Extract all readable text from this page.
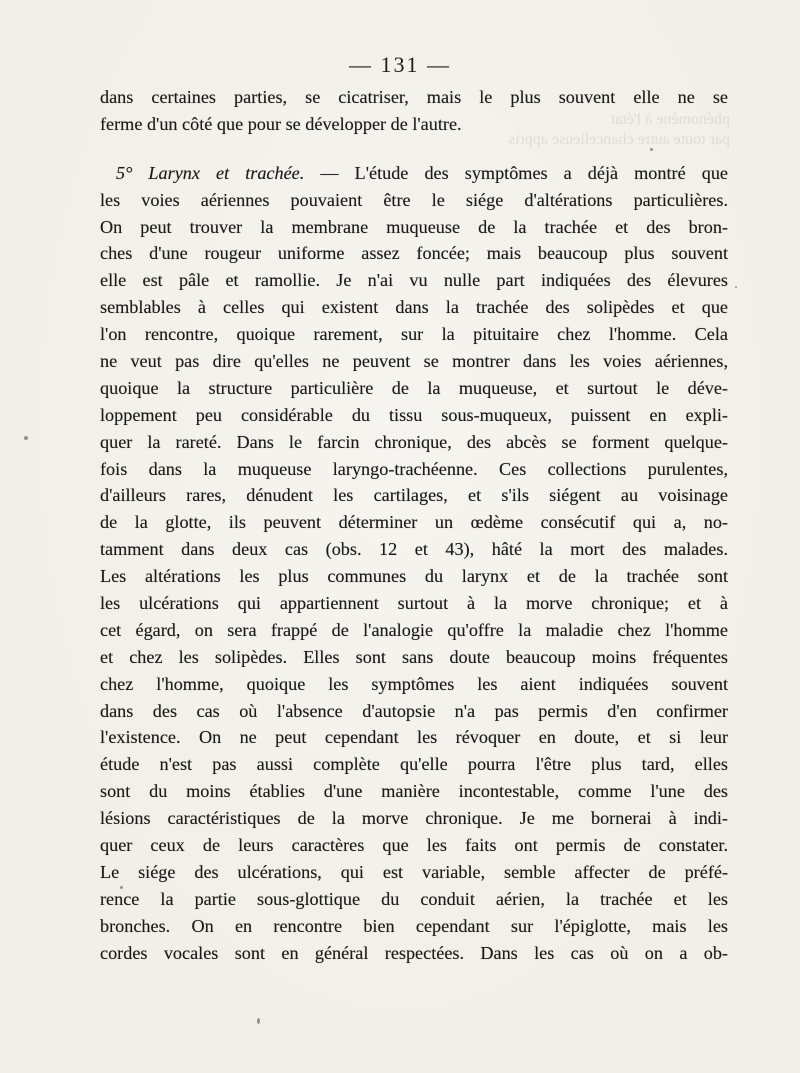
phénomène à l'état
par toute autre chancelleuse appris
— 131 —
dans certaines parties, se cicatriser, mais le plus souvent elle ne se
ferme d'un côté que pour se développer de l'autre.
5° Larynx et trachée. — L'étude des symptômes a déjà montré que
les voies aériennes pouvaient être le siége d'altérations particulières.
On peut trouver la membrane muqueuse de la trachée et des bron-
ches d'une rougeur uniforme assez foncée; mais beaucoup plus souvent
elle est pâle et ramollie. Je n'ai vu nulle part indiquées des élevures
semblables à celles qui existent dans la trachée des solipèdes et que
l'on rencontre, quoique rarement, sur la pituitaire chez l'homme. Cela
ne veut pas dire qu'elles ne peuvent se montrer dans les voies aériennes,
quoique la structure particulière de la muqueuse, et surtout le déve-
loppement peu considérable du tissu sous-muqueux, puissent en expli-
quer la rareté. Dans le farcin chronique, des abcès se forment quelque-
fois dans la muqueuse laryngo-trachéenne. Ces collections purulentes,
d'ailleurs rares, dénudent les cartilages, et s'ils siégent au voisinage
de la glotte, ils peuvent déterminer un œdème consécutif qui a, no-
tamment dans deux cas (obs. 12 et 43), hâté la mort des malades.
Les altérations les plus communes du larynx et de la trachée sont
les ulcérations qui appartiennent surtout à la morve chronique; et à
cet égard, on sera frappé de l'analogie qu'offre la maladie chez l'homme
et chez les solipèdes. Elles sont sans doute beaucoup moins fréquentes
chez l'homme, quoique les symptômes les aient indiquées souvent
dans des cas où l'absence d'autopsie n'a pas permis d'en confirmer
l'existence. On ne peut cependant les révoquer en doute, et si leur
étude n'est pas aussi complète qu'elle pourra l'être plus tard, elles
sont du moins établies d'une manière incontestable, comme l'une des
lésions caractéristiques de la morve chronique. Je me bornerai à indi-
quer ceux de leurs caractères que les faits ont permis de constater.
Le siége des ulcérations, qui est variable, semble affecter de préfé-
rence la partie sous-glottique du conduit aérien, la trachée et les
bronches. On en rencontre bien cependant sur l'épiglotte, mais les
cordes vocales sont en général respectées. Dans les cas où on a ob-
